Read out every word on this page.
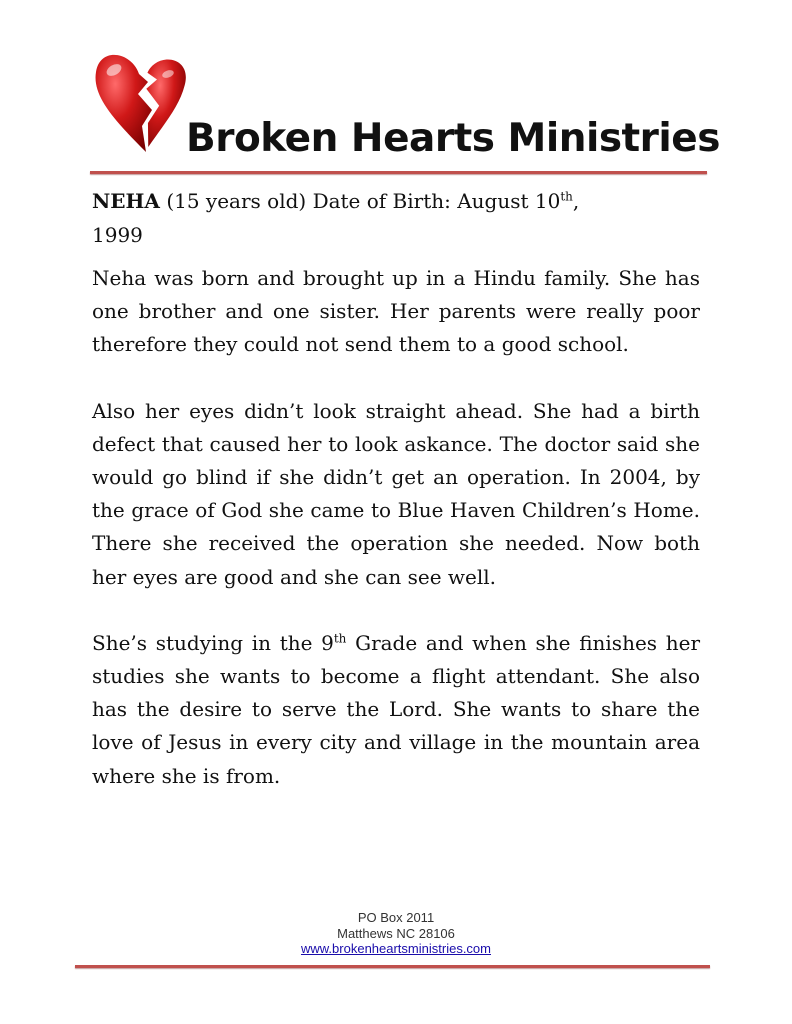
Broken Hearts Ministries

NEHA (15 years old) Date of Birth: August 10th,
1999

Neha was born and brought up in a Hindu family. She has one brother and one sister. Her parents were really poor therefore they could not send them to a good school.

Also her eyes didn’t look straight ahead. She had a birth defect that caused her to look askance. The doctor said she would go blind if she didn’t get an operation. In 2004, by the grace of God she came to Blue Haven Children’s Home. There she received the operation she needed. Now both her eyes are good and she can see well.

She’s studying in the 9th Grade and when she finishes her studies she wants to become a flight attendant. She also has the desire to serve the Lord. She wants to share the love of Jesus in every city and village in the mountain area where she is from.

PO Box 2011
Matthews NC 28106
www.brokenheartsministries.com
